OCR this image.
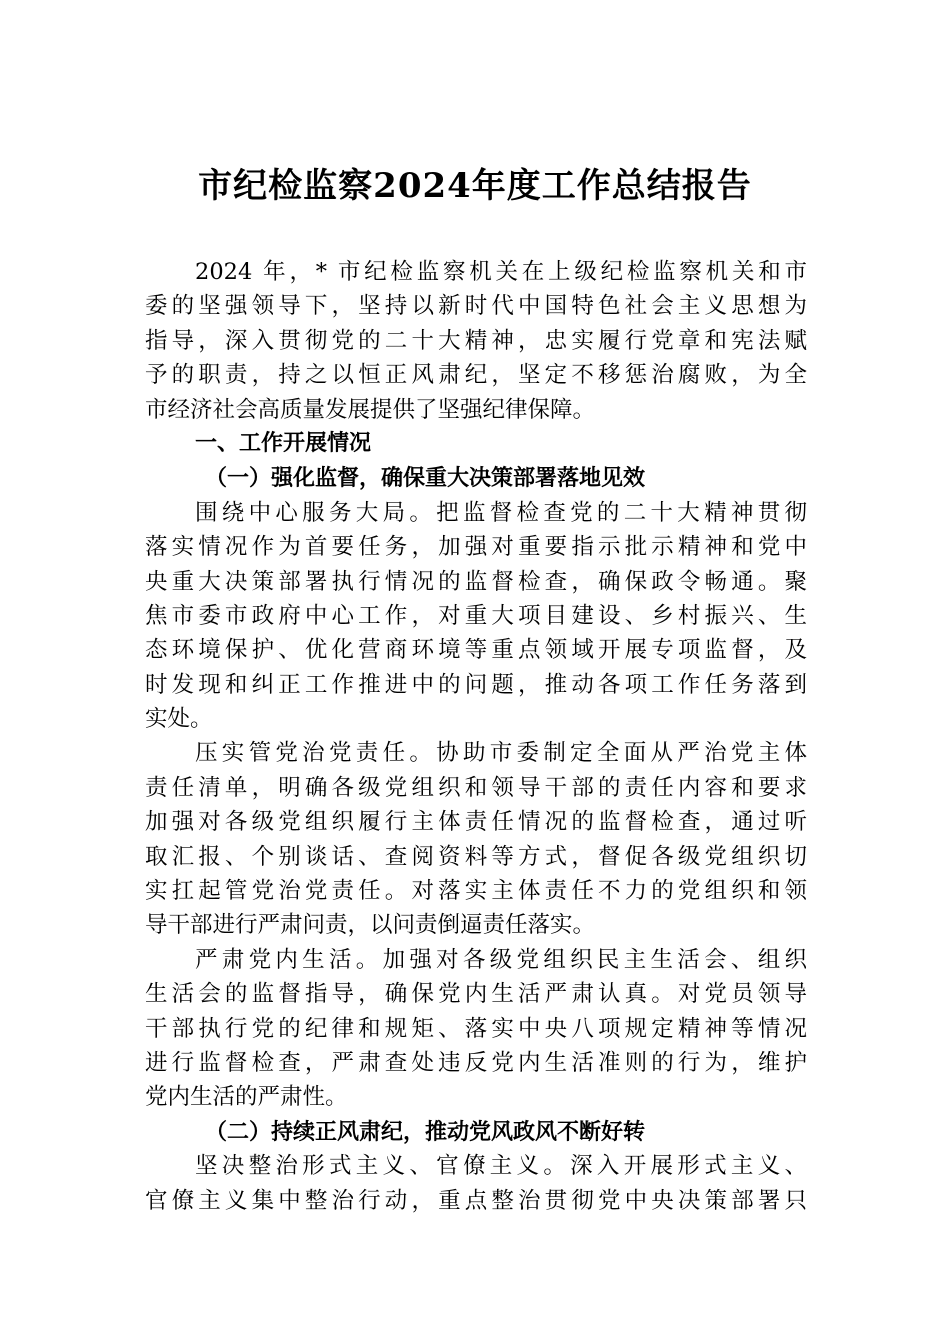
市纪检监察2024年度工作总结报告
2024 年，* 市纪检监察机关在上级纪检监察机关和市
委的坚强领导下，坚持以新时代中国特色社会主义思想为
指导，深入贯彻党的二十大精神，忠实履行党章和宪法赋
予的职责，持之以恒正风肃纪，坚定不移惩治腐败，为全
市经济社会高质量发展提供了坚强纪律保障。
一、工作开展情况
（一）强化监督，确保重大决策部署落地见效
围绕中心服务大局。把监督检查党的二十大精神贯彻
落实情况作为首要任务，加强对重要指示批示精神和党中
央重大决策部署执行情况的监督检查，确保政令畅通。聚
焦市委市政府中心工作，对重大项目建设、乡村振兴、生
态环境保护、优化营商环境等重点领域开展专项监督，及
时发现和纠正工作推进中的问题，推动各项工作任务落到
实处。
压实管党治党责任。协助市委制定全面从严治党主体
责任清单，明确各级党组织和领导干部的责任内容和要求
加强对各级党组织履行主体责任情况的监督检查，通过听
取汇报、个别谈话、查阅资料等方式，督促各级党组织切
实扛起管党治党责任。对落实主体责任不力的党组织和领
导干部进行严肃问责，以问责倒逼责任落实。
严肃党内生活。加强对各级党组织民主生活会、组织
生活会的监督指导，确保党内生活严肃认真。对党员领导
干部执行党的纪律和规矩、落实中央八项规定精神等情况
进行监督检查，严肃查处违反党内生活准则的行为，维护
党内生活的严肃性。
（二）持续正风肃纪，推动党风政风不断好转
坚决整治形式主义、官僚主义。深入开展形式主义、
官僚主义集中整治行动，重点整治贯彻党中央决策部署只
